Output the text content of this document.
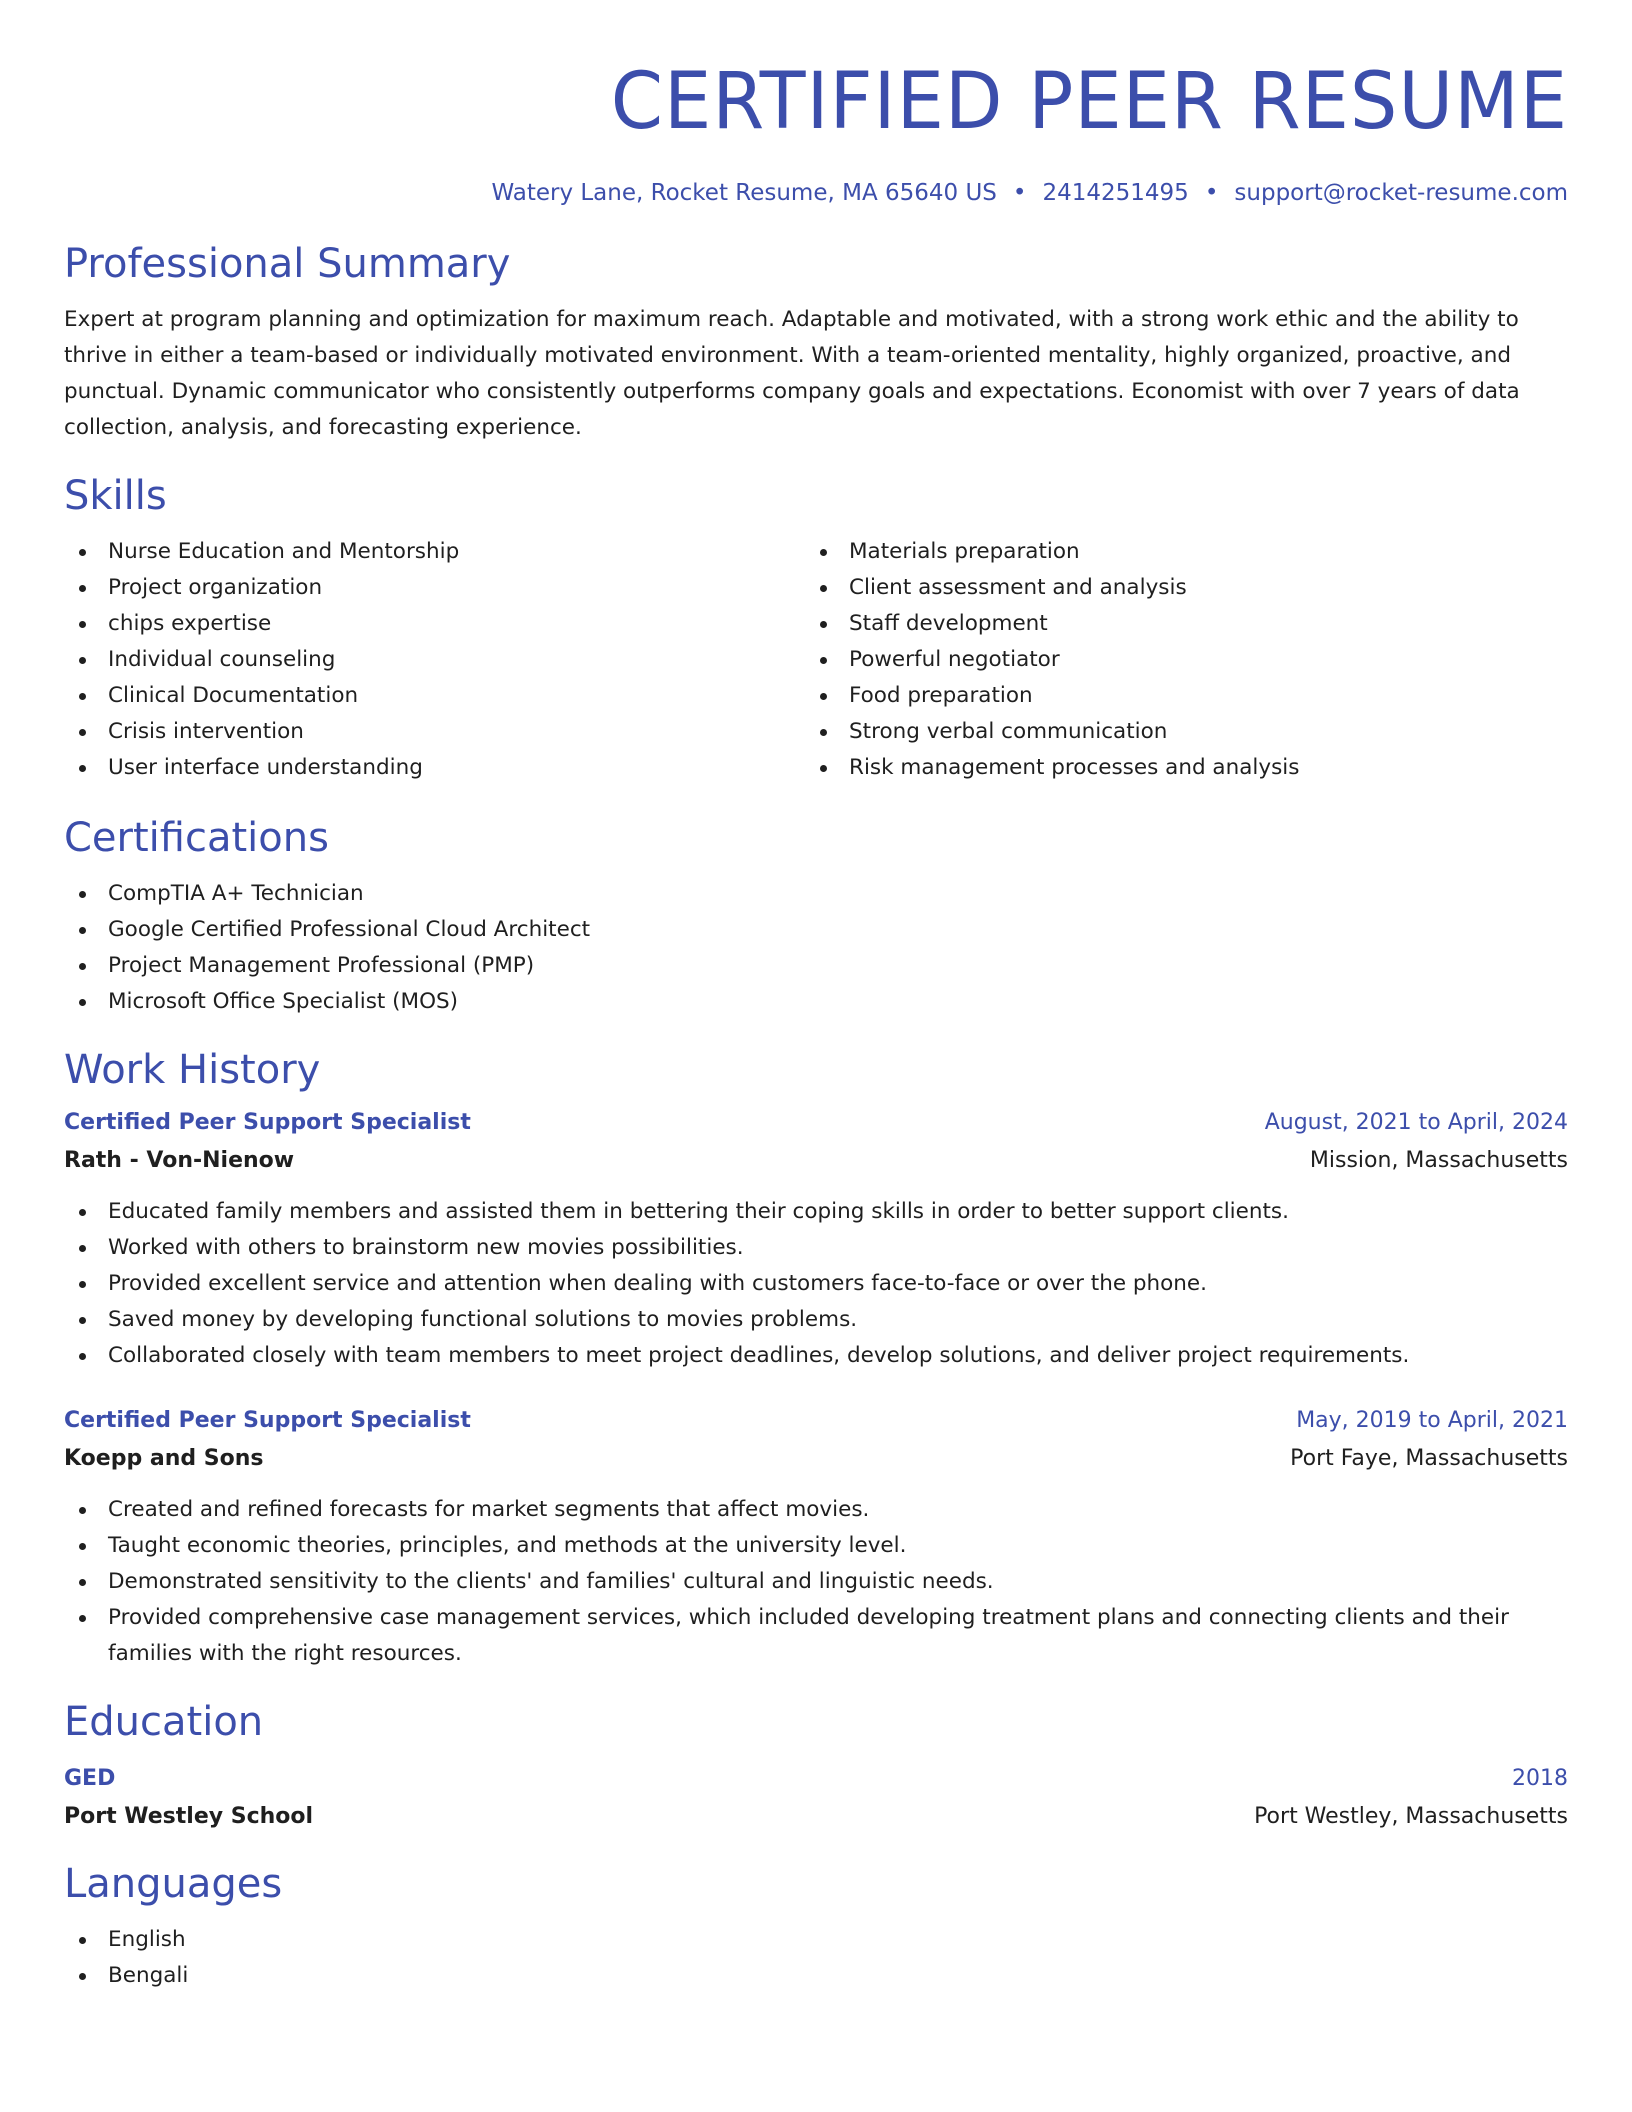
CERTIFIED PEER RESUME
Watery Lane, Rocket Resume, MA 65640 US • 2414251495 • support@rocket-resume.com
Professional Summary
Expert at program planning and optimization for maximum reach. Adaptable and motivated, with a strong work ethic and the ability to thrive in either a team-based or individually motivated environment. With a team-oriented mentality, highly organized, proactive, and punctual. Dynamic communicator who consistently outperforms company goals and expectations. Economist with over 7 years of data collection, analysis, and forecasting experience.
Skills
Nurse Education and Mentorship
Project organization
chips expertise
Individual counseling
Clinical Documentation
Crisis intervention
User interface understanding
Materials preparation
Client assessment and analysis
Staff development
Powerful negotiator
Food preparation
Strong verbal communication
Risk management processes and analysis
Certifications
CompTIA A+ Technician
Google Certified Professional Cloud Architect
Project Management Professional (PMP)
Microsoft Office Specialist (MOS)
Work History
Certified Peer Support Specialist	August, 2021 to April, 2024
Rath - Von-Nienow	Mission, Massachusetts
Educated family members and assisted them in bettering their coping skills in order to better support clients.
Worked with others to brainstorm new movies possibilities.
Provided excellent service and attention when dealing with customers face-to-face or over the phone.
Saved money by developing functional solutions to movies problems.
Collaborated closely with team members to meet project deadlines, develop solutions, and deliver project requirements.
Certified Peer Support Specialist	May, 2019 to April, 2021
Koepp and Sons	Port Faye, Massachusetts
Created and refined forecasts for market segments that affect movies.
Taught economic theories, principles, and methods at the university level.
Demonstrated sensitivity to the clients' and families' cultural and linguistic needs.
Provided comprehensive case management services, which included developing treatment plans and connecting clients and their families with the right resources.
Education
GED	2018
Port Westley School	Port Westley, Massachusetts
Languages
English
Bengali
